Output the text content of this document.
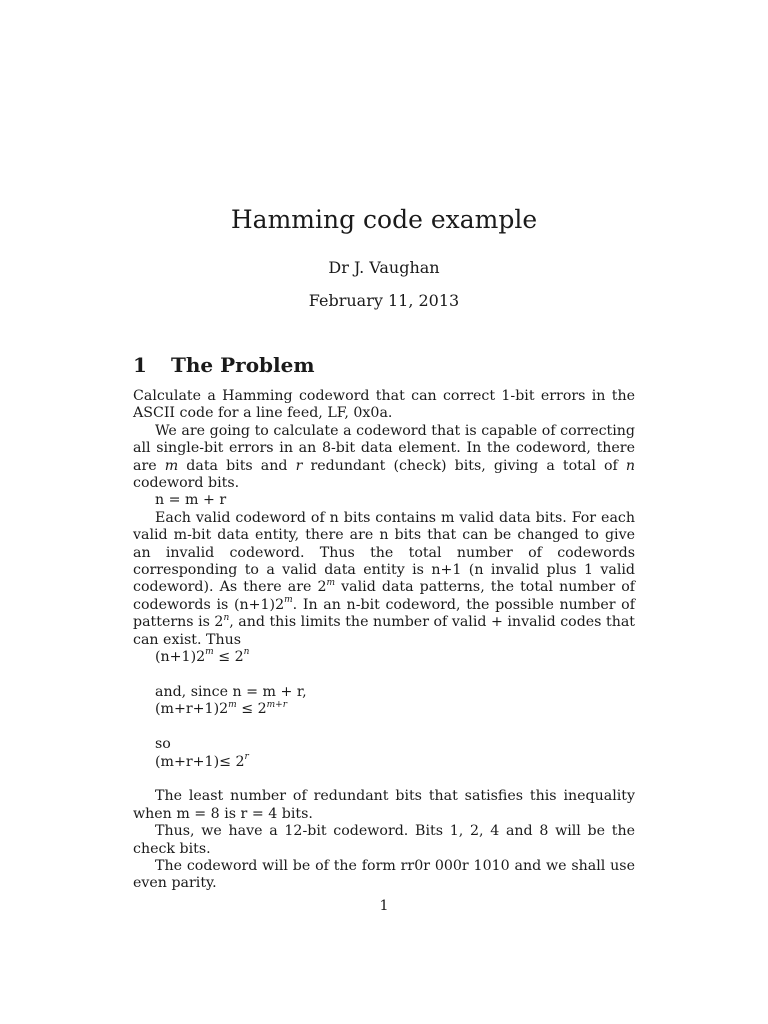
Hamming code example
Dr J. Vaughan
February 11, 2013
1 The Problem

Calculate a Hamming codeword that can correct 1-bit errors in the ASCII code for a line feed, LF, 0x0a.

We are going to calculate a codeword that is capable of correcting all single-bit errors in an 8-bit data element. In the codeword, there are m data bits and r redundant (check) bits, giving a total of n codeword bits.

n = m + r

Each valid codeword of n bits contains m valid data bits. For each valid m-bit data entity, there are n bits that can be changed to give an invalid codeword. Thus the total number of codewords corresponding to a valid data entity is n+1 (n invalid plus 1 valid codeword). As there are 2$^m$ valid data patterns, the total number of codewords is $(n+1)2^m$. In an n-bit codeword, the possible number of patterns is 2$^n$, and this limits the number of valid + invalid codes that can exist. Thus

$(n+1)2^m \le 2^n$

and, since n = m + r,

$(m+r+1)2^m \le 2^{m+r}$

so

$(m+r+1)\le 2^r$

The least number of redundant bits that satisfies this inequality when m = 8 is r = 4 bits.

Thus, we have a 12-bit codeword. Bits 1, 2, 4 and 8 will be the check bits.

The codeword will be of the form rr0r 000r 1010 and we shall use even parity.

1
